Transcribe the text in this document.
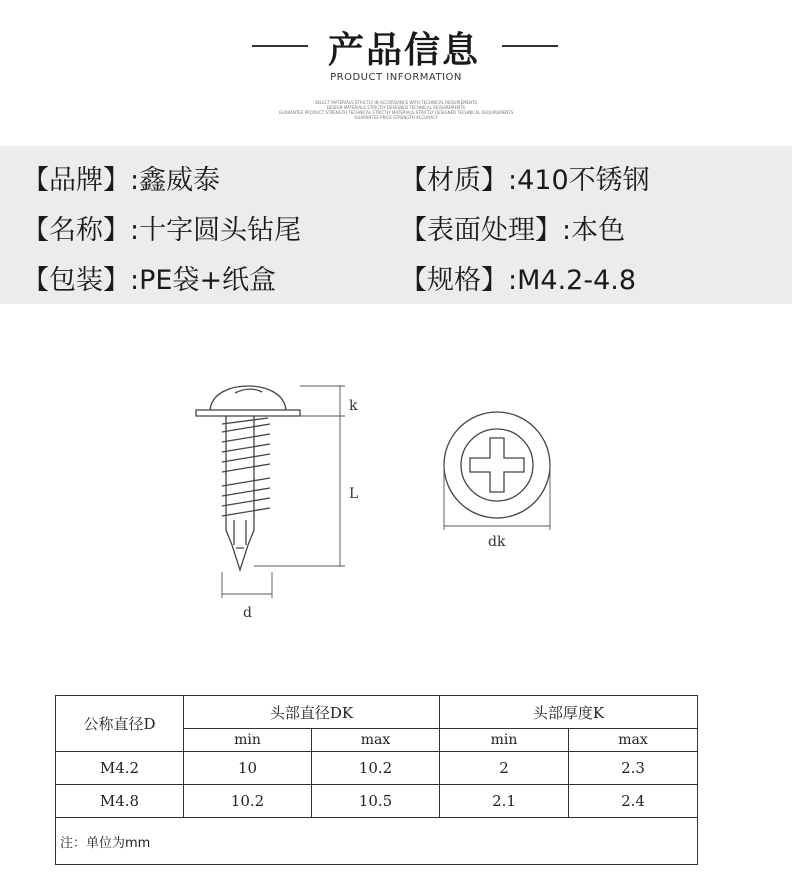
产品信息
PRODUCT INFORMATION
SELECT MATERIALS STRICTLY IN ACCORDANCE WITH TECHNICAL REQUIREMENTS
DESIGN MATERIALS STRICTLY DESIGNED TECHNICAL REQUIREMENTS
GUARANTEE PRODUCT STRENGTH TECHNICAL STRICTLY MATERIALS STRICTLY DESIGNED TECHNICAL REQUIREMENTS
GUARANTEE PRICE STRENGTH ACCURACY
【品牌】:鑫威泰	【材质】:410不锈钢
【名称】:十字圆头钻尾	【表面处理】:本色
【包装】:PE袋+纸盒	【规格】:M4.2-4.8
k
L
d
dk
公称直径D	头部直径DK		头部厚度K	
	min	max	min	max
M4.2	10	10.2	2	2.3
M4.8	10.2	10.5	2.1	2.4
注：单位为mm				
